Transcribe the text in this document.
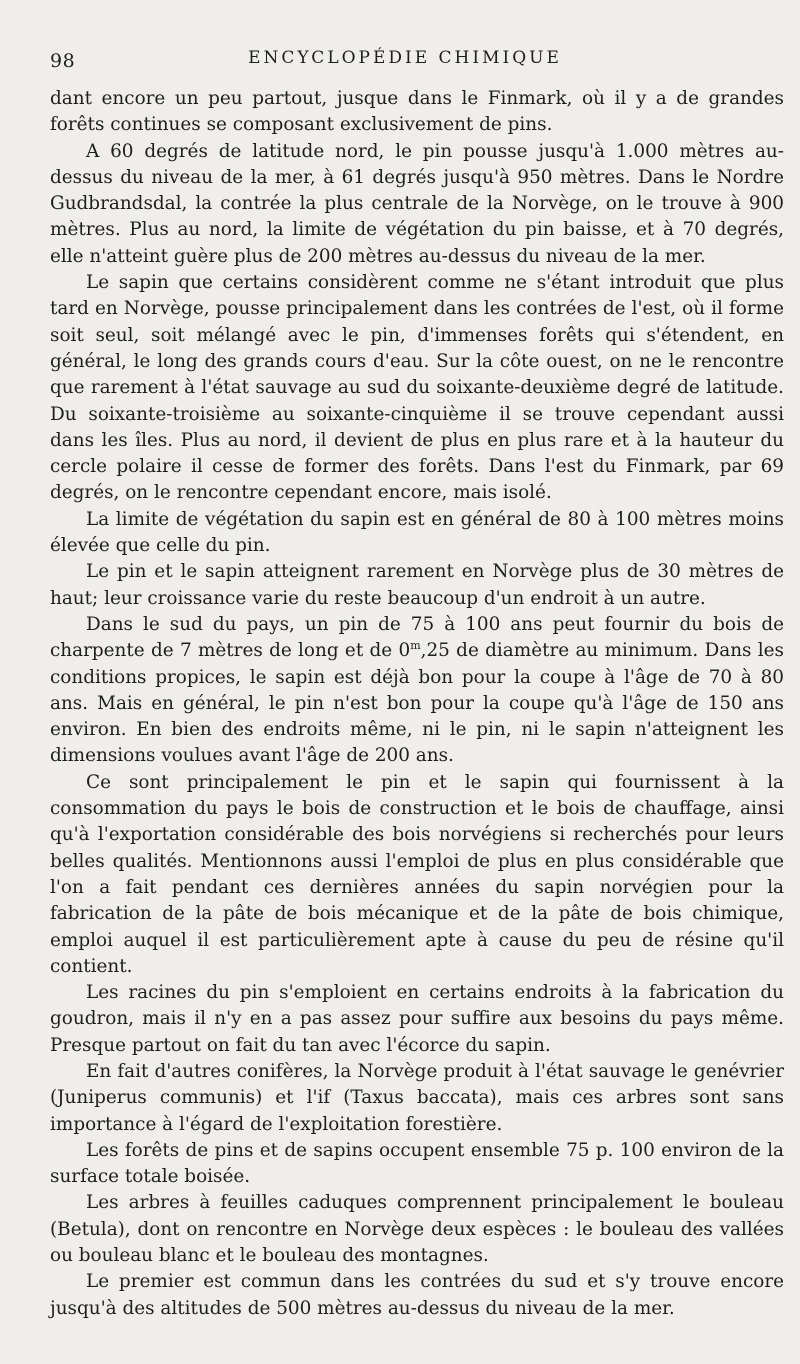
98	ENCYCLOPÉDIE CHIMIQUE

dant encore un peu partout, jusque dans le Finmark, où il y a de grandes forêts continues se composant exclusivement de pins.

A 60 degrés de latitude nord, le pin pousse jusqu'à 1.000 mètres au-dessus du niveau de la mer, à 61 degrés jusqu'à 950 mètres. Dans le Nordre Gudbrandsdal, la contrée la plus centrale de la Norvège, on le trouve à 900 mètres. Plus au nord, la limite de végétation du pin baisse, et à 70 degrés, elle n'atteint guère plus de 200 mètres au-dessus du niveau de la mer.

Le sapin que certains considèrent comme ne s'étant introduit que plus tard en Norvège, pousse principalement dans les contrées de l'est, où il forme soit seul, soit mélangé avec le pin, d'immenses forêts qui s'étendent, en général, le long des grands cours d'eau. Sur la côte ouest, on ne le rencontre que rarement à l'état sauvage au sud du soixante-deuxième degré de latitude. Du soixante-troisième au soixante-cinquième il se trouve cependant aussi dans les îles. Plus au nord, il devient de plus en plus rare et à la hauteur du cercle polaire il cesse de former des forêts. Dans l'est du Finmark, par 69 degrés, on le rencontre cependant encore, mais isolé.

La limite de végétation du sapin est en général de 80 à 100 mètres moins élevée que celle du pin.

Le pin et le sapin atteignent rarement en Norvège plus de 30 mètres de haut; leur croissance varie du reste beaucoup d'un endroit à un autre.

Dans le sud du pays, un pin de 75 à 100 ans peut fournir du bois de charpente de 7 mètres de long et de 0$^m$,25 de diamètre au minimum. Dans les conditions propices, le sapin est déjà bon pour la coupe à l'âge de 70 à 80 ans. Mais en général, le pin n'est bon pour la coupe qu'à l'âge de 150 ans environ. En bien des endroits même, ni le pin, ni le sapin n'atteignent les dimensions voulues avant l'âge de 200 ans.

Ce sont principalement le pin et le sapin qui fournissent à la consommation du pays le bois de construction et le bois de chauffage, ainsi qu'à l'exportation considérable des bois norvégiens si recherchés pour leurs belles qualités. Mentionnons aussi l'emploi de plus en plus considérable que l'on a fait pendant ces dernières années du sapin norvégien pour la fabrication de la pâte de bois mécanique et de la pâte de bois chimique, emploi auquel il est particulièrement apte à cause du peu de résine qu'il contient.

Les racines du pin s'emploient en certains endroits à la fabrication du goudron, mais il n'y en a pas assez pour suffire aux besoins du pays même. Presque partout on fait du tan avec l'écorce du sapin.

En fait d'autres conifères, la Norvège produit à l'état sauvage le genévrier (Juniperus communis) et l'if (Taxus baccata), mais ces arbres sont sans importance à l'égard de l'exploitation forestière.

Les forêts de pins et de sapins occupent ensemble 75 p. 100 environ de la surface totale boisée.

Les arbres à feuilles caduques comprennent principalement le bouleau (Betula), dont on rencontre en Norvège deux espèces : le bouleau des vallées ou bouleau blanc et le bouleau des montagnes.

Le premier est commun dans les contrées du sud et s'y trouve encore jusqu'à des altitudes de 500 mètres au-dessus du niveau de la mer.
